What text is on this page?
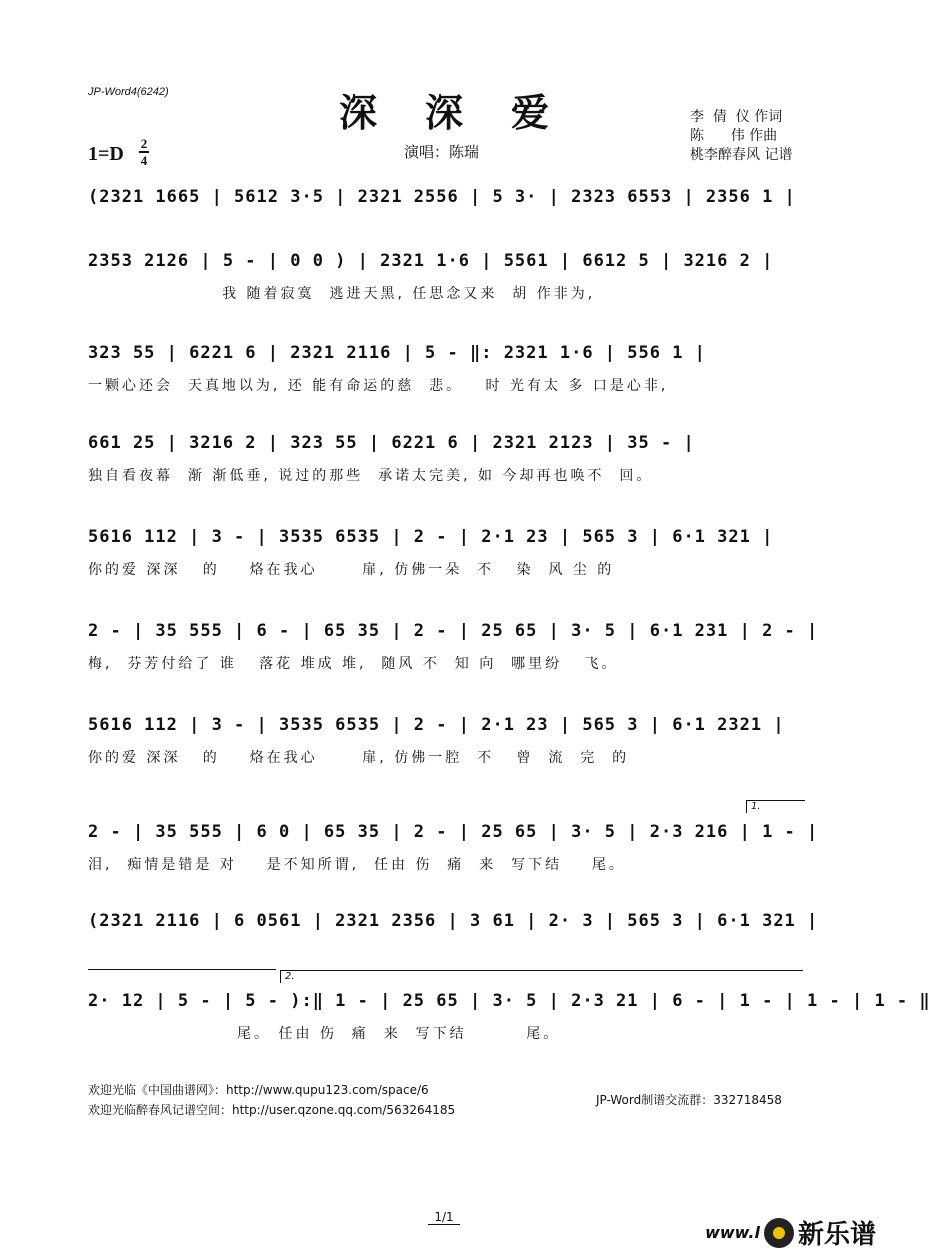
JP-Word4(6242)	深深爱
1=D 2
4	演唱：陈瑞
李  倩  仪 作词
陈      伟 作曲
桃李醉春风 记谱
(2321 1665 | 5612 3·5 | 2321 2556 | 5 3· | 2323 6553 | 2356 1 |
2353 2126 | 5 - | 0 0 ) | 2321 1·6 | 5561 | 6612 5 | 3216 2 |
我 随着寂寞  逃进天黑, 任思念又来  胡 作非为,
323 55 | 6221 6 | 2321 2116 | 5 - ‖: 2321 1·6 | 556 1 |
一颗心还会  天真地以为, 还 能有命运的慈  悲。   时 光有太 多 口是心非,
661 25 | 3216 2 | 323 55 | 6221 6 | 2321 2123 | 35 - |
独自看夜幕  渐 渐低垂, 说过的那些  承诺太完美, 如 今却再也唤不  回。
5616 112 | 3 - | 3535 6535 | 2 - | 2·1 23 | 565 3 | 6·1 321 |
你的爱 深深   的    烙在我心      扉, 仿佛一朵  不   染  风 尘 的
2 - | 35 555 | 6 - | 65 35 | 2 - | 25 65 | 3· 5 | 6·1 231 | 2 - |
梅,  芬芳付给了 谁   落花 堆成 堆,  随风 不  知 向  哪里纷   飞。
5616 112 | 3 - | 3535 6535 | 2 - | 2·1 23 | 565 3 | 6·1 2321 |
你的爱 深深   的    烙在我心      扉, 仿佛一腔  不   曾  流  完  的
1.
2 - | 35 555 | 6 0 | 65 35 | 2 - | 25 65 | 3· 5 | 2·3 216 | 1 - |
泪,  痴情是错是 对    是不知所谓,  任由 伤  痛  来  写下结    尾。
(2321 2116 | 6 0561 | 2321 2356 | 3 61 | 2· 3 | 565 3 | 6·1 321 |
2.
2· 12 | 5 - | 5 - ):‖ 1 - | 25 65 | 3· 5 | 2·3 21 | 6 - | 1 - | 1 - | 1 - ‖
尾。 任由 伤  痛  来  写下结        尾。
欢迎光临《中国曲谱网》：http://www.qupu123.com/space/6
欢迎光临醉春风记谱空间：http://user.qzone.qq.com/563264185
JP-Word制谱交流群：332718458
1/1
www.l 新乐谱
